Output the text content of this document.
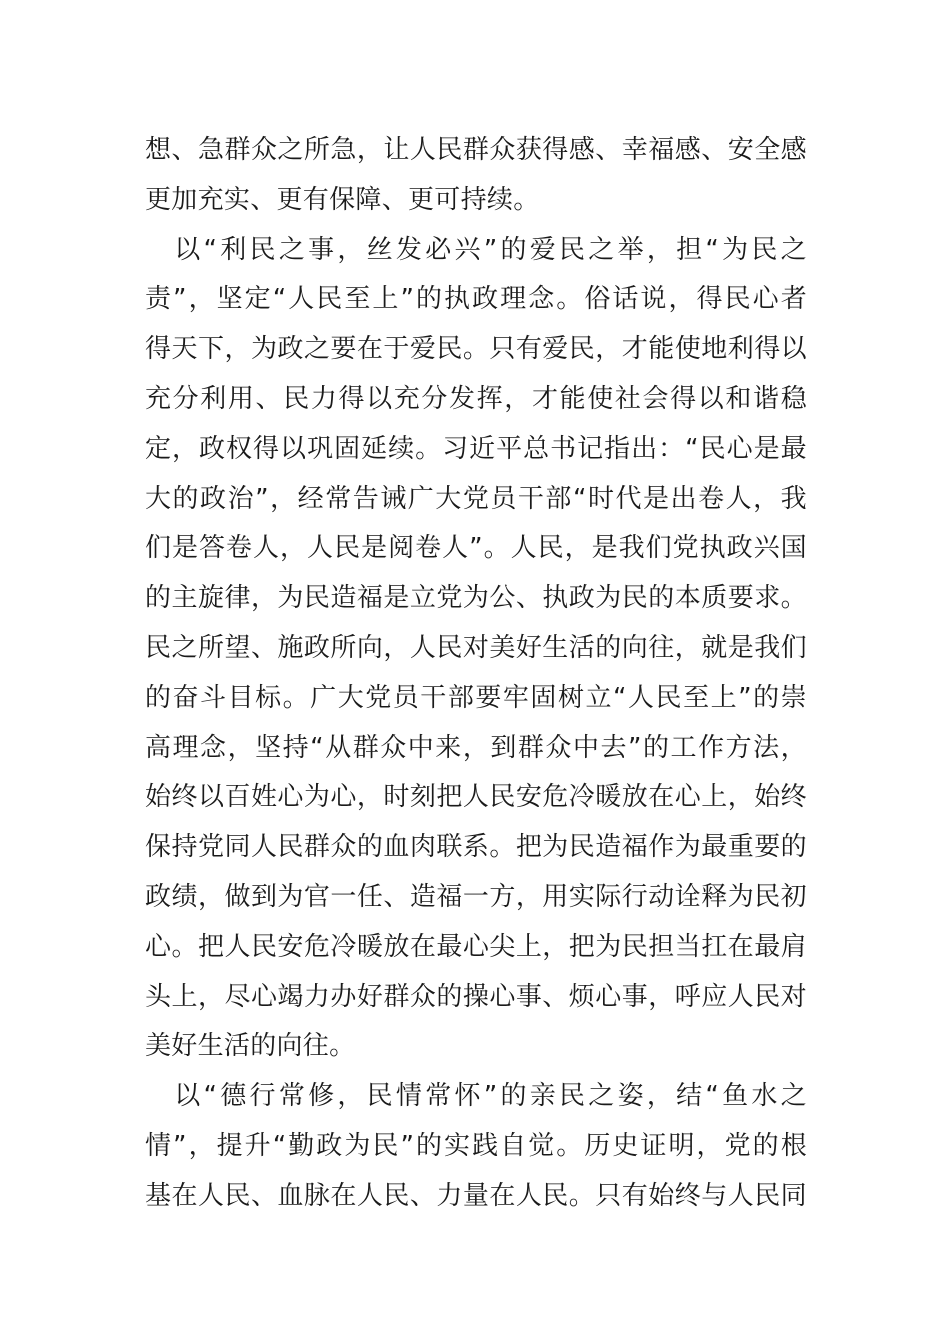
想、急群众之所急，让人民群众获得感、幸福感、安全感
更加充实、更有保障、更可持续。
　以“利民之事，丝发必兴”的爱民之举，担“为民之
责”，坚定“人民至上”的执政理念。俗话说，得民心者
得天下，为政之要在于爱民。只有爱民，才能使地利得以
充分利用、民力得以充分发挥，才能使社会得以和谐稳
定，政权得以巩固延续。习近平总书记指出：“民心是最
大的政治”，经常告诫广大党员干部“时代是出卷人，我
们是答卷人，人民是阅卷人”。人民，是我们党执政兴国
的主旋律，为民造福是立党为公、执政为民的本质要求。
民之所望、施政所向，人民对美好生活的向往，就是我们
的奋斗目标。广大党员干部要牢固树立“人民至上”的崇
高理念，坚持“从群众中来，到群众中去”的工作方法，
始终以百姓心为心，时刻把人民安危冷暖放在心上，始终
保持党同人民群众的血肉联系。把为民造福作为最重要的
政绩，做到为官一任、造福一方，用实际行动诠释为民初
心。把人民安危冷暖放在最心尖上，把为民担当扛在最肩
头上，尽心竭力办好群众的操心事、烦心事，呼应人民对
美好生活的向往。
　以“德行常修，民情常怀”的亲民之姿，结“鱼水之
情”，提升“勤政为民”的实践自觉。历史证明，党的根
基在人民、血脉在人民、力量在人民。只有始终与人民同
